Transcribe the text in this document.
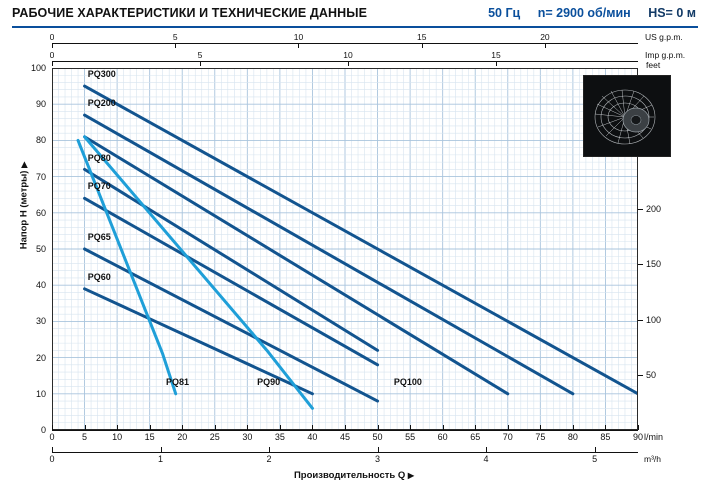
РАБОЧИЕ ХАРАКТЕРИСТИКИ И ТЕХНИЧЕСКИЕ ДАННЫЕ	50 Гц n= 2900 об/мин HS= 0 м
0	5	10	15	20	US g.p.m.
0	5	10	15	Imp g.p.m.
0
10
20
30
40
50
60
70
80
90
100
Напор H (метры) ▶
50
100
150
200
feet
0	5	10	15	20	25	30	35	40	45	50	55	60	65	70	75	80	85	90 l/min
0	1	2	3	4	5	m³/h
Производительность Q ▶
PQ300
PQ200
PQ80
PQ70
PQ65
PQ60
PQ81	PQ90	PQ100
